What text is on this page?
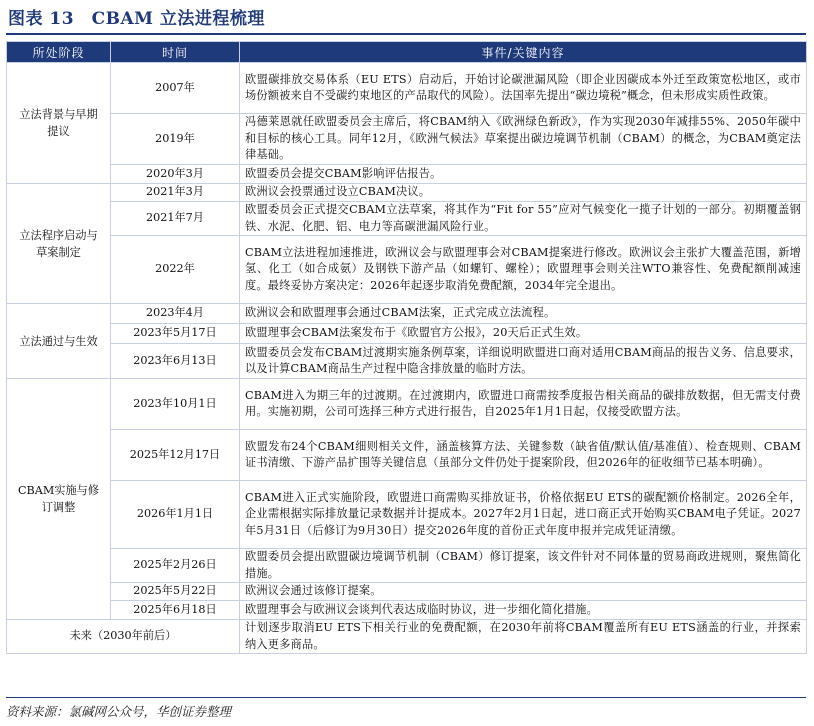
图表 13　CBAM 立法进程梳理
所处阶段	时间	事件/关键内容
立法背景与早期提议	2007年	欧盟碳排放交易体系（EU ETS）启动后，开始讨论碳泄漏风险（即企业因碳成本外迁至政策宽松地区，或市场份额被来自不受碳约束地区的产品取代的风险）。法国率先提出“碳边境税”概念，但未形成实质性政策。
	2019年	冯德莱恩就任欧盟委员会主席后，将CBAM纳入《欧洲绿色新政》，作为实现2030年减排55%、2050年碳中和目标的核心工具。同年12月，《欧洲气候法》草案提出碳边境调节机制（CBAM）的概念，为CBAM奠定法律基础。
	2020年3月	欧盟委员会提交CBAM影响评估报告。
立法程序启动与草案制定	2021年3月	欧洲议会投票通过设立CBAM决议。
	2021年7月	欧盟委员会正式提交CBAM立法草案，将其作为“Fit for 55”应对气候变化一揽子计划的一部分。初期覆盖钢铁、水泥、化肥、铝、电力等高碳泄漏风险行业。
	2022年	CBAM立法进程加速推进，欧洲议会与欧盟理事会对CBAM提案进行修改。欧洲议会主张扩大覆盖范围，新增氢、化工（如合成氨）及钢铁下游产品（如螺钉、螺栓）；欧盟理事会则关注WTO兼容性、免费配额削减速度。最终妥协方案决定：2026年起逐步取消免费配额，2034年完全退出。
立法通过与生效	2023年4月	欧洲议会和欧盟理事会通过CBAM法案，正式完成立法流程。
	2023年5月17日	欧盟理事会CBAM法案发布于《欧盟官方公报》，20天后正式生效。
	2023年6月13日	欧盟委员会发布CBAM过渡期实施条例草案，详细说明欧盟进口商对适用CBAM商品的报告义务、信息要求，以及计算CBAM商品生产过程中隐含排放量的临时方法。
CBAM实施与修订调整	2023年10月1日	CBAM进入为期三年的过渡期。在过渡期内，欧盟进口商需按季度报告相关商品的碳排放数据，但无需支付费用。实施初期，公司可选择三种方式进行报告，自2025年1月1日起，仅接受欧盟方法。
	2025年12月17日	欧盟发布24个CBAM细则相关文件，涵盖核算方法、关键参数（缺省值/默认值/基准值）、检查规则、CBAM证书清缴、下游产品扩围等关键信息（虽部分文件仍处于提案阶段，但2026年的征收细节已基本明确）。
	2026年1月1日	CBAM进入正式实施阶段，欧盟进口商需购买排放证书，价格依据EU ETS的碳配额价格制定。2026全年，企业需根据实际排放量记录数据并计提成本。2027年2月1日起，进口商正式开始购买CBAM电子凭证。2027年5月31日（后修订为9月30日）提交2026年度的首份正式年度申报并完成凭证清缴。
	2025年2月26日	欧盟委员会提出欧盟碳边境调节机制（CBAM）修订提案，该文件针对不同体量的贸易商政进规则，聚焦简化措施。
	2025年5月22日	欧洲议会通过该修订提案。
	2025年6月18日	欧盟理事会与欧洲议会谈判代表达成临时协议，进一步细化简化措施。
未来（2030年前后）		计划逐步取消EU ETS下相关行业的免费配额，在2030年前将CBAM覆盖所有EU ETS涵盖的行业，并探索纳入更多商品。
资料来源：氯碱网公众号，华创证券整理
